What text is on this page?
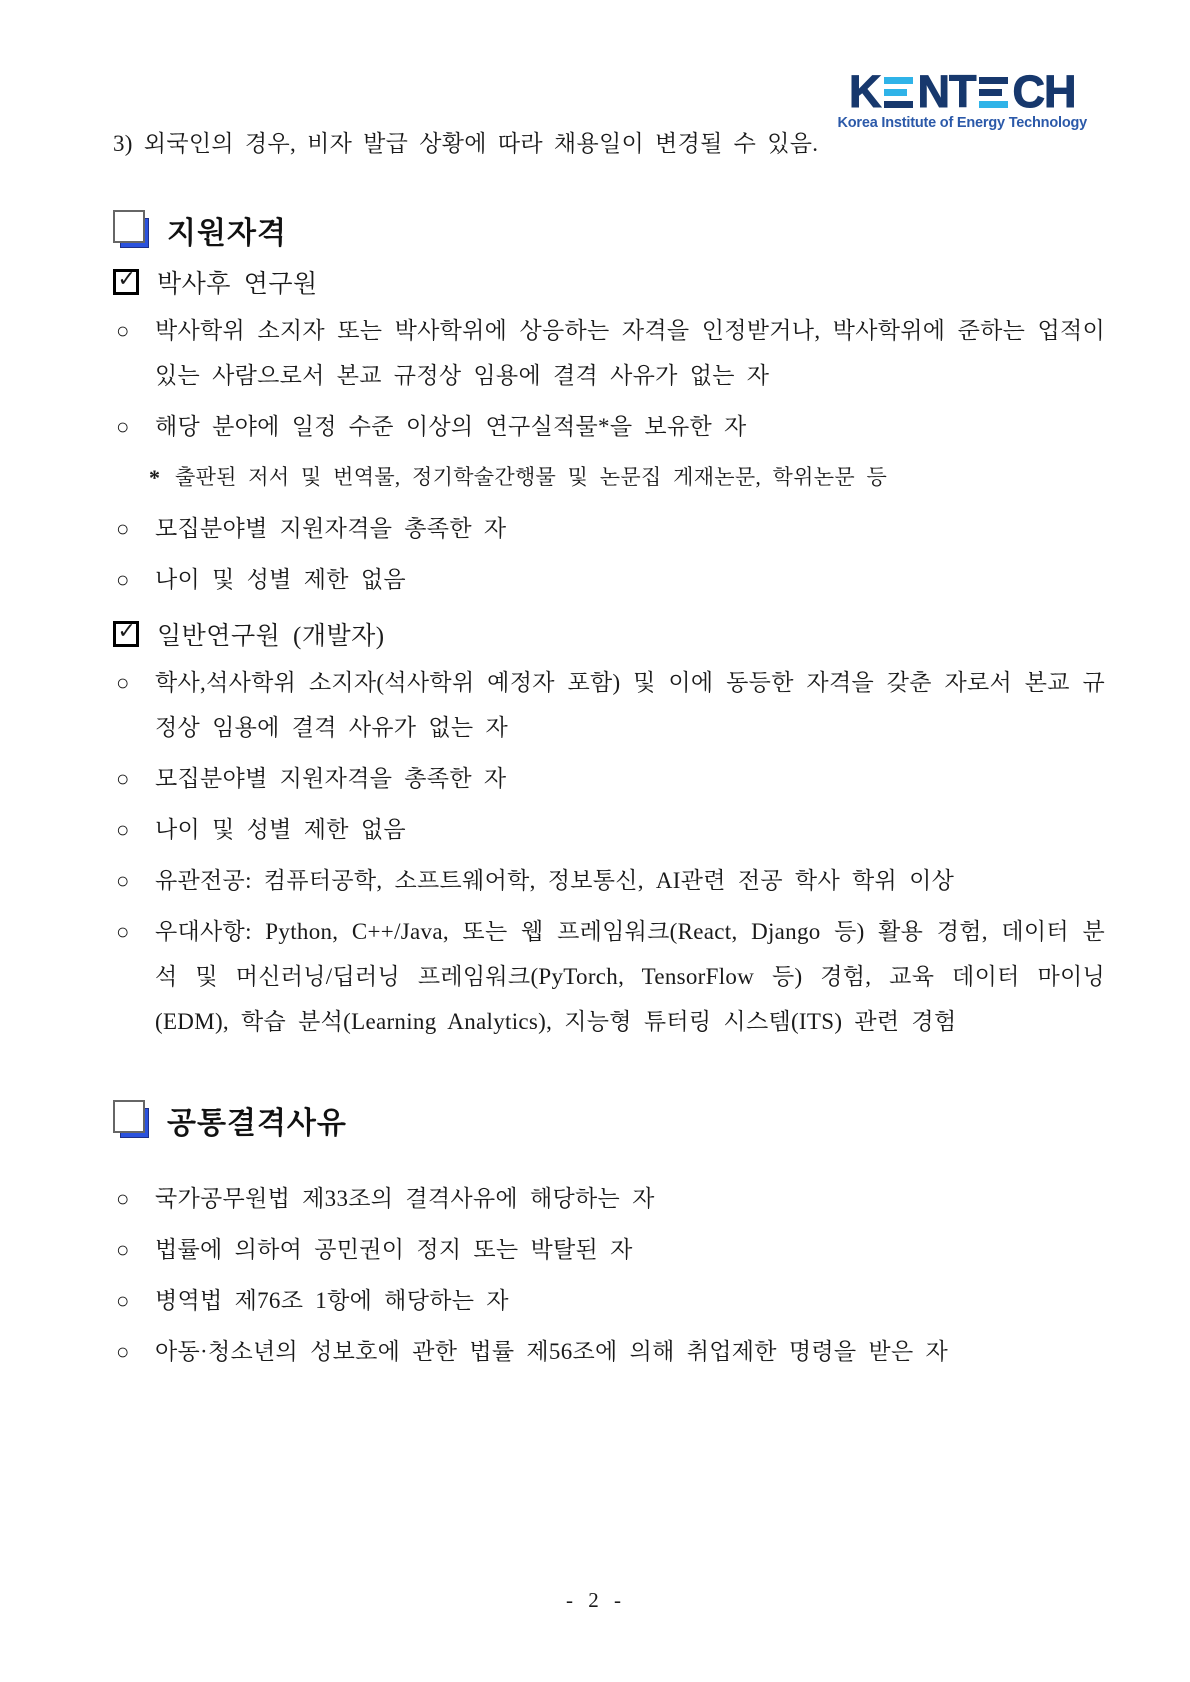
K NT CH
Korea Institute of Energy Technology

3) 외국인의 경우, 비자 발급 상황에 따라 채용일이 변경될 수 있음.

지원자격
✓ 박사후 연구원
○ 박사학위 소지자 또는 박사학위에 상응하는 자격을 인정받거나, 박사학위에 준하는 업적이 있는 사람으로서 본교 규정상 임용에 결격 사유가 없는 자
○ 해당 분야에 일정 수준 이상의 연구실적물*을 보유한 자
* 출판된 저서 및 번역물, 정기학술간행물 및 논문집 게재논문, 학위논문 등
○ 모집분야별 지원자격을 총족한 자
○ 나이 및 성별 제한 없음
✓ 일반연구원 (개발자)
○ 학사,석사학위 소지자(석사학위 예정자 포함) 및 이에 동등한 자격을 갖춘 자로서 본교 규정상 임용에 결격 사유가 없는 자
○ 모집분야별 지원자격을 총족한 자
○ 나이 및 성별 제한 없음
○ 유관전공: 컴퓨터공학, 소프트웨어학, 정보통신, AI관련 전공 학사 학위 이상
○ 우대사항: Python, C++/Java, 또는 웹 프레임워크(React, Django 등) 활용 경험, 데이터 분석 및 머신러닝/딥러닝 프레임워크(PyTorch, TensorFlow 등) 경험, 교육 데이터 마이닝(EDM), 학습 분석(Learning Analytics), 지능형 튜터링 시스템(ITS) 관련 경험
공통결격사유
○ 국가공무원법 제33조의 결격사유에 해당하는 자
○ 법률에 의하여 공민권이 정지 또는 박탈된 자
○ 병역법 제76조 1항에 해당하는 자
○ 아동·청소년의 성보호에 관한 법률 제56조에 의해 취업제한 명령을 받은 자
- 2 -
